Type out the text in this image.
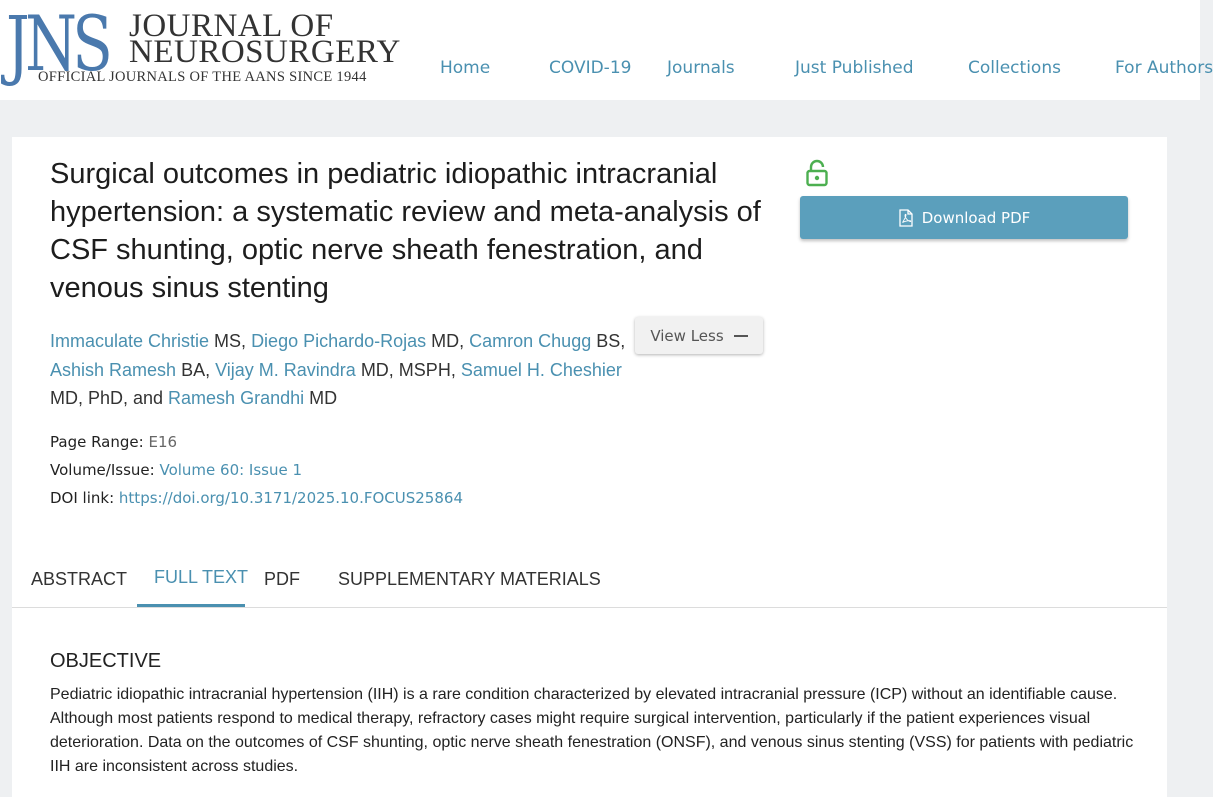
JNS JOURNAL OF
NEUROSURGERY
OFFICIAL JOURNALS OF THE AANS SINCE 1944	Home	COVID-19 Journals	Just Published	Collections	For Authors
Surgical outcomes in pediatric idiopathic intracranial hypertension: a systematic review and meta-analysis of CSF shunting, optic nerve sheath fenestration, and venous sinus stenting
Download PDF
Immaculate Christie MS, Diego Pichardo-Rojas MD, Camron Chugg BS, Ashish Ramesh BA, Vijay M. Ravindra MD, MSPH, Samuel H. Cheshier MD, PhD, and Ramesh Grandhi MD
View Less
Page Range: E16
Volume/Issue: Volume 60: Issue 1
DOI link: https://doi.org/10.3171/2025.10.FOCUS25864
ABSTRACT FULL TEXT PDF SUPPLEMENTARY MATERIALS
OBJECTIVE

Pediatric idiopathic intracranial hypertension (IIH) is a rare condition characterized by elevated intracranial pressure (ICP) without an identifiable cause. Although most patients respond to medical therapy, refractory cases might require surgical intervention, particularly if the patient experiences visual deterioration. Data on the outcomes of CSF shunting, optic nerve sheath fenestration (ONSF), and venous sinus stenting (VSS) for patients with pediatric IIH are inconsistent across studies.
